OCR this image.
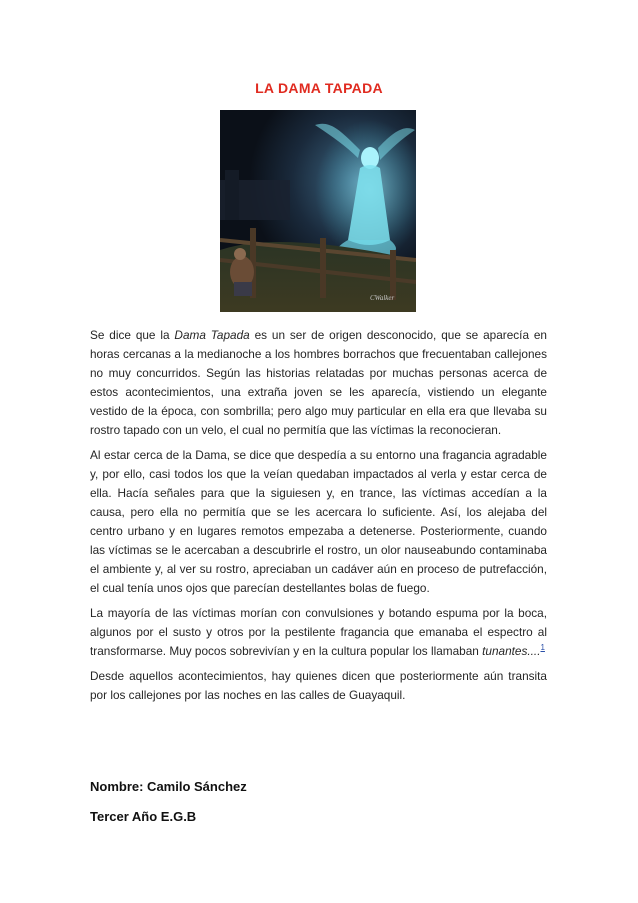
LA DAMA TAPADA
CWalker

Se dice que la Dama Tapada es un ser de origen desconocido, que se aparecía en horas cercanas a la medianoche a los hombres borrachos que frecuentaban callejones no muy concurridos. Según las historias relatadas por muchas personas acerca de estos acontecimientos, una extraña joven se les aparecía, vistiendo un elegante vestido de la época, con sombrilla; pero algo muy particular en ella era que llevaba su rostro tapado con un velo, el cual no permitía que las víctimas la reconocieran.

Al estar cerca de la Dama, se dice que despedía a su entorno una fragancia agradable y, por ello, casi todos los que la veían quedaban impactados al verla y estar cerca de ella. Hacía señales para que la siguiesen y, en trance, las víctimas accedían a la causa, pero ella no permitía que se les acercara lo suficiente. Así, los alejaba del centro urbano y en lugares remotos empezaba a detenerse. Posteriormente, cuando las víctimas se le acercaban a descubrirle el rostro, un olor nauseabundo contaminaba el ambiente y, al ver su rostro, apreciaban un cadáver aún en proceso de putrefacción, el cual tenía unos ojos que parecían destellantes bolas de fuego.

La mayoría de las víctimas morían con convulsiones y botando espuma por la boca, algunos por el susto y otros por la pestilente fragancia que emanaba el espectro al transformarse. Muy pocos sobrevivían y en la cultura popular los llamaban tunantes....$^1$

Desde aquellos acontecimientos, hay quienes dicen que posteriormente aún transita por los callejones por las noches en las calles de Guayaquil.

Nombre: Camilo Sánchez
Tercer Año E.G.B
